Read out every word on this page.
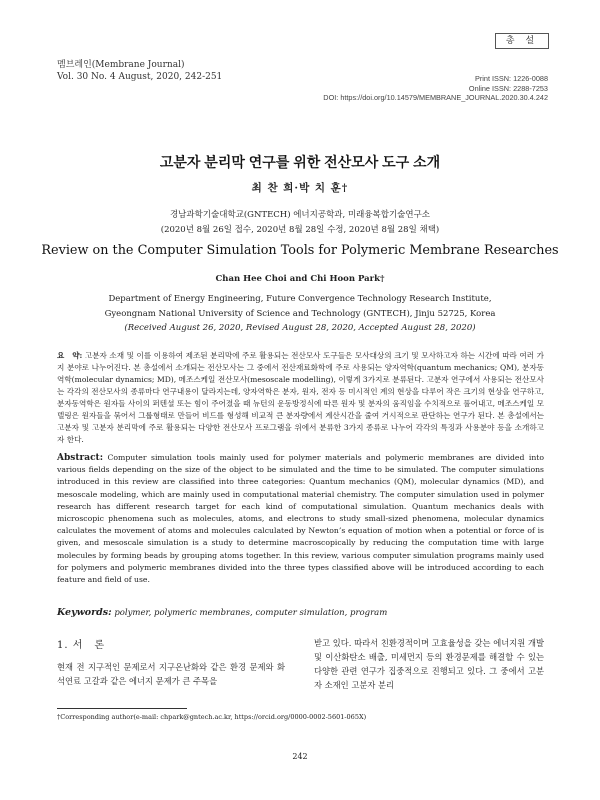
멤브레인(Membrane Journal)
Vol. 30 No. 4 August, 2020, 242-251
총 설
Print ISSN: 1226-0088
Online ISSN: 2288-7253
DOI: https://doi.org/10.14579/MEMBRANE_JOURNAL.2020.30.4.242
고분자 분리막 연구를 위한 전산모사 도구 소개
최 찬 희·박 치 훈†
경남과학기술대학교(GNTECH) 에너지공학과, 미래융복합기술연구소
(2020년 8월 26일 접수, 2020년 8월 28일 수정, 2020년 8월 28일 채택)
Review on the Computer Simulation Tools for Polymeric Membrane Researches
Chan Hee Choi and Chi Hoon Park†
Department of Energy Engineering, Future Convergence Technology Research Institute,
Gyeongnam National University of Science and Technology (GNTECH), Jinju 52725, Korea
(Received August 26, 2020, Revised August 28, 2020, Accepted August 28, 2020)
요　약: 고분자 소재 및 이를 이용하여 제조된 분리막에 주로 활용되는 전산모사 도구들은 모사대상의 크기 및 모사하고자 하는 시간에 따라 여러 가지 분야로 나누어진다. 본 총설에서 소개되는 전산모사는 그 중에서 전산재료화학에 주로 사용되는 양자역학(quantum mechanics; QM), 분자동역학(molecular dynamics; MD), 메조스케일 전산모사(mesoscale modelling), 이렇게 3가지로 분류된다. 고분자 연구에서 사용되는 전산모사는 각각의 전산모사의 종류마다 연구내용이 달라지는데, 양자역학은 분자, 원자, 전자 등 미시적인 계의 현상을 다루어 작은 크기의 현상을 연구하고, 분자동역학은 원자들 사이의 퍼텐셜 또는 힘이 주어졌을 때 뉴턴의 운동방정식에 따른 원자 및 분자의 움직임을 수치적으로 풀어내고, 메조스케일 모델링은 원자들을 묶어서 그룹형태로 만들어 비드를 형성해 비교적 큰 분자량에서 계산시간을 줄여 거시적으로 판단하는 연구가 된다. 본 총설에서는 고분자 및 고분자 분리막에 주로 활용되는 다양한 전산모사 프로그램을 위에서 분류한 3가지 종류로 나누어 각각의 특징과 사용분야 등을 소개하고자 한다.
Abstract: Computer simulation tools mainly used for polymer materials and polymeric membranes are divided into various fields depending on the size of the object to be simulated and the time to be simulated. The computer simulations introduced in this review are classified into three categories: Quantum mechanics (QM), molecular dynamics (MD), and mesoscale modeling, which are mainly used in computational material chemistry. The computer simulation used in polymer research has different research target for each kind of computational simulation. Quantum mechanics deals with microscopic phenomena such as molecules, atoms, and electrons to study small-sized phenomena, molecular dynamics calculates the movement of atoms and molecules calculated by Newton’s equation of motion when a potential or force of is given, and mesoscale simulation is a study to determine macroscopically by reducing the computation time with large molecules by forming beads by grouping atoms together. In this review, various computer simulation programs mainly used for polymers and polymeric membranes divided into the three types classified above will be introduced according to each feature and field of use.
Keywords: polymer, polymeric membranes, computer simulation, program
1. 서　론	받고 있다. 따라서 친환경적이며 고효율성을 갖는 에너지원 개발 및 이산화탄소 배출, 미세먼지 등의 환경문제를 해결할 수 있는 다양한 관련 연구가 집중적으로 진행되고 있다. 그 중에서 고분자 소재인 고분자 분리
†Corresponding author(e-mail: chpark@gntech.ac.kr, https://orcid.org/0000-0002-5601-065X)
242
현재 전 지구적인 문제로서 지구온난화와 같은 환경 문제와 화석연료 고갈과 같은 에너지 문제가 큰 주목을
